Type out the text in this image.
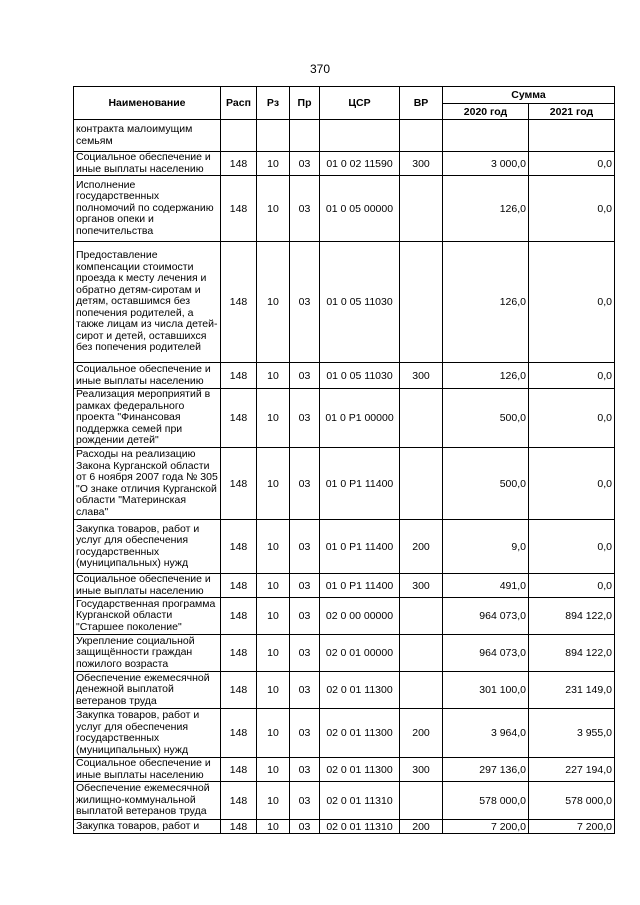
370
Наименование	Расп	Рз	Пр	ЦСР	ВР	Сумма	
						2020 год	2021 год
контракта малоимущим семьям							
Социальное обеспечение и иные выплаты населению	148	10	03	01 0 02 11590	300	3 000,0	0,0
Исполнение государственных полномочий по содержанию органов опеки и попечительства	148	10	03	01 0 05 00000		126,0	0,0
Предоставление компенсации стоимости проезда к месту лечения и обратно детям-сиротам и детям, оставшимся без попечения родителей, а также лицам из числа детей-сирот и детей, оставшихся без попечения родителей	148	10	03	01 0 05 11030		126,0	0,0
Социальное обеспечение и иные выплаты населению	148	10	03	01 0 05 11030	300	126,0	0,0
Реализация мероприятий в рамках федерального проекта "Финансовая поддержка семей при рождении детей"	148	10	03	01 0 P1 00000		500,0	0,0
Расходы на реализацию Закона Курганской области от 6 ноября 2007 года № 305 "О знаке отличия Курганской области "Материнская слава"	148	10	03	01 0 P1 11400		500,0	0,0
Закупка товаров, работ и услуг для обеспечения государственных (муниципальных) нужд	148	10	03	01 0 P1 11400	200	9,0	0,0
Социальное обеспечение и иные выплаты населению	148	10	03	01 0 P1 11400	300	491,0	0,0
Государственная программа Курганской области "Старшее поколение"	148	10	03	02 0 00 00000		964 073,0	894 122,0
Укрепление социальной защищённости граждан пожилого возраста	148	10	03	02 0 01 00000		964 073,0	894 122,0
Обеспечение ежемесячной денежной выплатой ветеранов труда	148	10	03	02 0 01 11300		301 100,0	231 149,0
Закупка товаров, работ и услуг для обеспечения государственных (муниципальных) нужд	148	10	03	02 0 01 11300	200	3 964,0	3 955,0
Социальное обеспечение и иные выплаты населению	148	10	03	02 0 01 11300	300	297 136,0	227 194,0
Обеспечение ежемесячной жилищно-коммунальной выплатой ветеранов труда	148	10	03	02 0 01 11310		578 000,0	578 000,0
Закупка товаров, работ и	148	10	03	02 0 01 11310	200	7 200,0	7 200,0
